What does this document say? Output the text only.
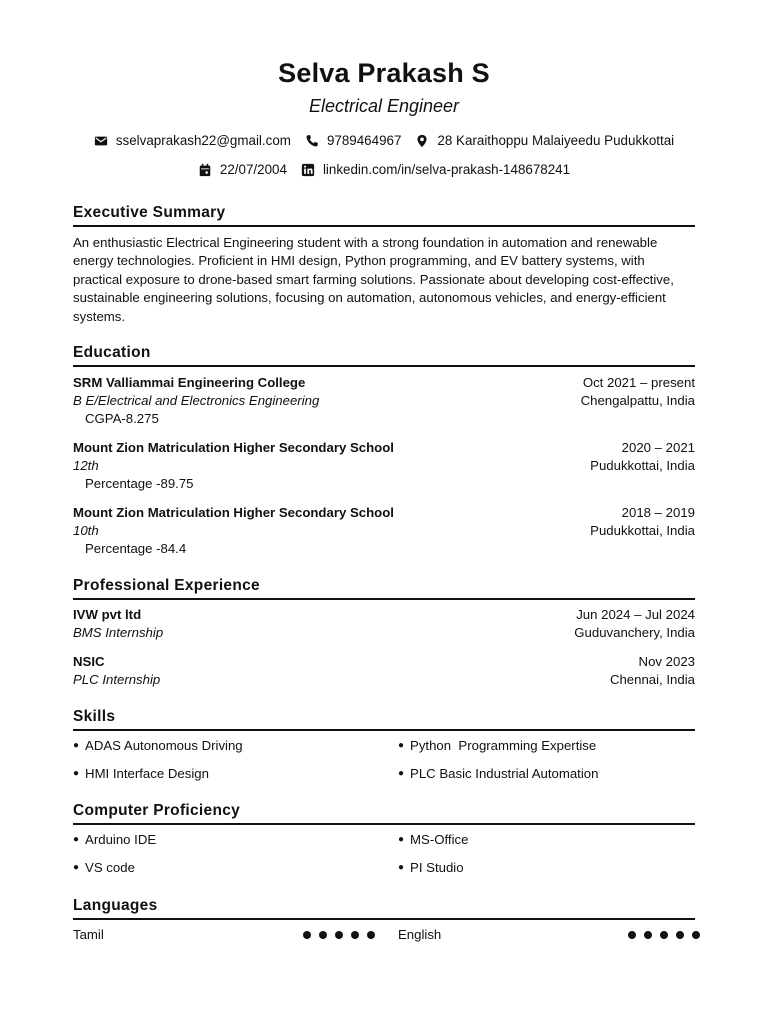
Selva Prakash S
Electrical Engineer
sselvaprakash22@gmail.com	9789464967	28 Karaithoppu Malaiyeedu Pudukkottai
22/07/2004	linkedin.com/in/selva-prakash-148678241
Executive Summary
An enthusiastic Electrical Engineering student with a strong foundation in automation and renewable energy technologies. Proficient in HMI design, Python programming, and EV battery systems, with practical exposure to drone-based smart farming solutions. Passionate about developing cost-effective, sustainable engineering solutions, focusing on automation, autonomous vehicles, and energy-efficient systems.
Education
SRM Valliammai Engineering College	Oct 2021 – present
B E/Electrical and Electronics Engineering	Chengalpattu, India
CGPA-8.275
Mount Zion Matriculation Higher Secondary School	2020 – 2021
12th	Pudukkottai, India
Percentage -89.75
Mount Zion Matriculation Higher Secondary School	2018 – 2019
10th	Pudukkottai, India
Percentage -84.4
Professional Experience
IVW pvt ltd	Jun 2024 – Jul 2024
BMS Internship	Guduvanchery, India
NSIC	Nov 2023
PLC Internship	Chennai, India
Skills
● ADAS Autonomous Driving	● Python  Programming Expertise
● HMI Interface Design	● PLC Basic Industrial Automation
Computer Proficiency
● Arduino IDE	● MS-Office
● VS code	● PI Studio
Languages
Tamil	English
